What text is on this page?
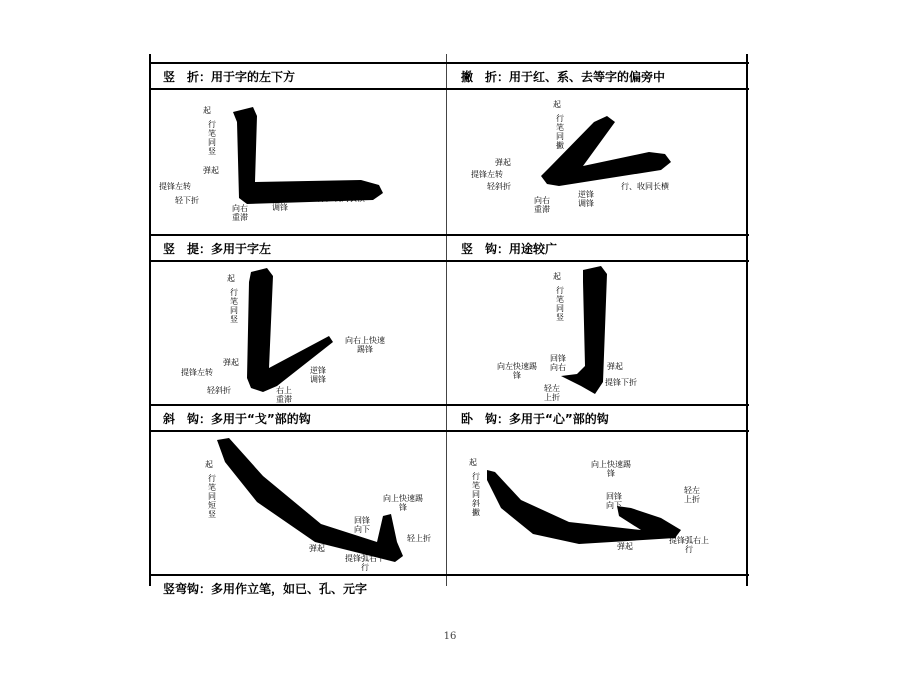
竖　折：用于字的左下方	撇　折：用于红、系、去等字的偏旁中
起
行笔同竖
弹起
提锋左转
轻下折
向右重滞
逆锋调锋
行、收同长横
起
行笔同撇
弹起
提锋左转
轻斜折
向右重滞
逆锋调锋
行、收同长横
竖　提：多用于字左	竖　钩：用途较广
起
行笔同竖
向右上快速踢锋
弹起
提锋左转
轻斜折
逆锋调锋
右上重滞
起
行笔同竖
回锋向右
向左快速踢锋
弹起
提锋下折
轻左上折
斜　钩：多用于“戈”部的钩	卧　钩：多用于“心”部的钩
起
行笔同短竖
向上快速踢锋
回锋向下
轻上折
弹起
提锋弧右下行
起
行笔同斜撇
向上快速踢锋
回锋向下
轻左上折
弹起
提锋弧右上行
竖弯钩：多用作立笔，如已、孔、元字
16
